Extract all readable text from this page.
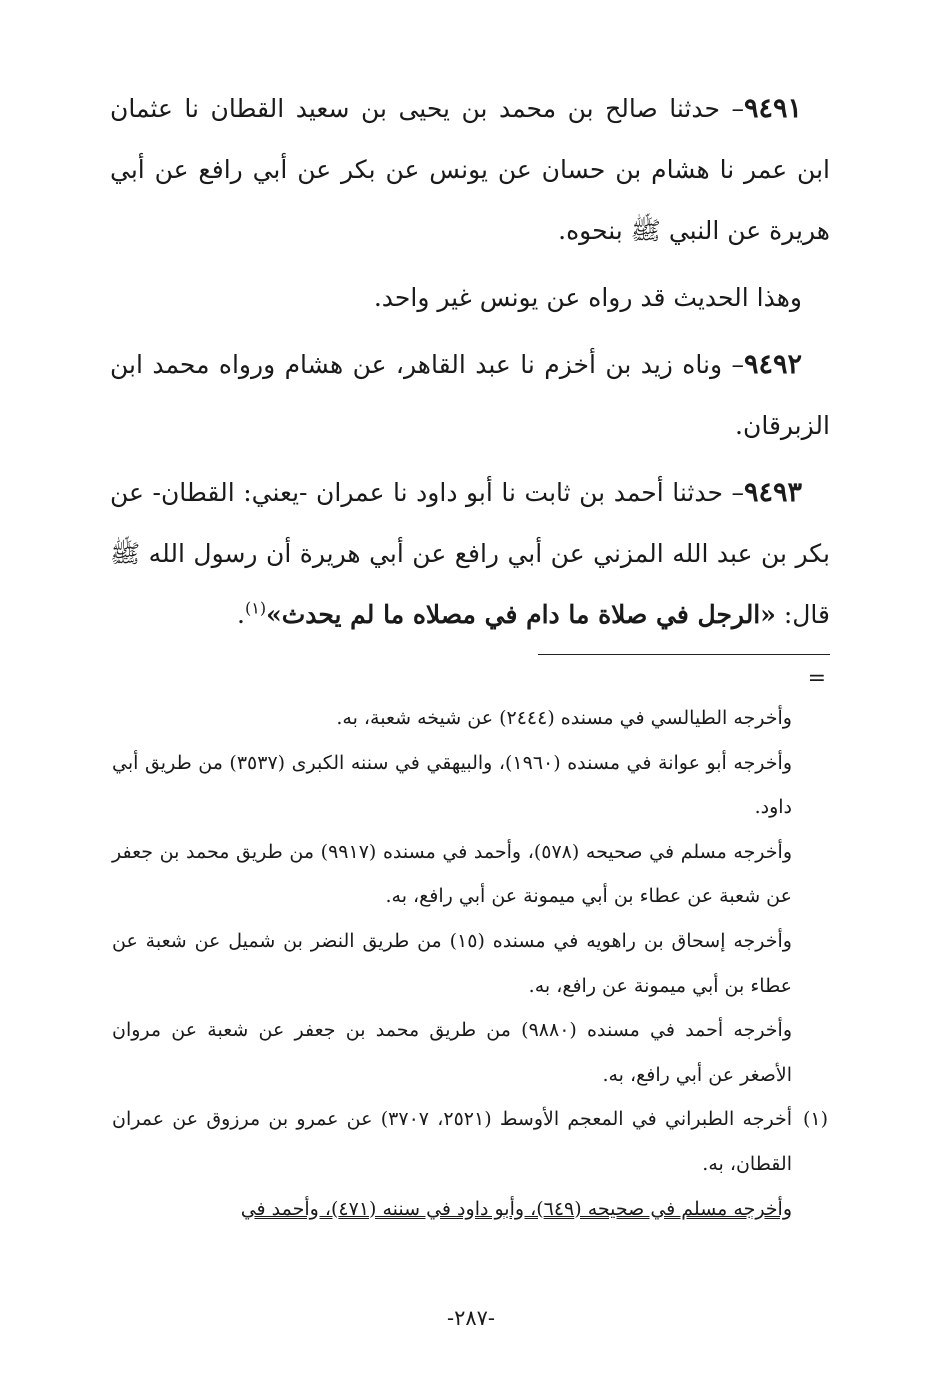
٩٤٩١– حدثنا صالح بن محمد بن يحيى بن سعيد القطان نا عثمان ابن عمر نا هشام بن حسان عن يونس عن بكر عن أبي رافع عن أبي هريرة عن النبي ﷺ بنحوه.

وهذا الحديث قد رواه عن يونس غير واحد.

٩٤٩٢– وناه زيد بن أخزم نا عبد القاهر، عن هشام ورواه محمد ابن الزبرقان.

٩٤٩٣– حدثنا أحمد بن ثابت نا أبو داود نا عمران -يعني: القطان- عن بكر بن عبد الله المزني عن أبي رافع عن أبي هريرة أن رسول الله ﷺ قال: «الرجل في صلاة ما دام في مصلاه ما لم يحدث»$^{(١)}$.

=

وأخرجه الطيالسي في مسنده (٢٤٤٤) عن شيخه شعبة، به.

وأخرجه أبو عوانة في مسنده (١٩٦٠)، والبيهقي في سننه الكبرى (٣٥٣٧) من طريق أبي داود.

وأخرجه مسلم في صحيحه (٥٧٨)، وأحمد في مسنده (٩٩١٧) من طريق محمد بن جعفر عن شعبة عن عطاء بن أبي ميمونة عن أبي رافع، به.

وأخرجه إسحاق بن راهويه في مسنده (١٥) من طريق النضر بن شميل عن شعبة عن عطاء بن أبي ميمونة عن رافع، به.

وأخرجه أحمد في مسنده (٩٨٨٠) من طريق محمد بن جعفر عن شعبة عن مروان الأصغر عن أبي رافع، به.

(١)أخرجه الطبراني في المعجم الأوسط (٢٥٢١، ٣٧٠٧) عن عمرو بن مرزوق عن عمران القطان، به.

وأخرجه مسلم في صحيحه (٦٤٩)، وأبو داود في سننه (٤٧١)، وأحمد في

-٢٨٧-
